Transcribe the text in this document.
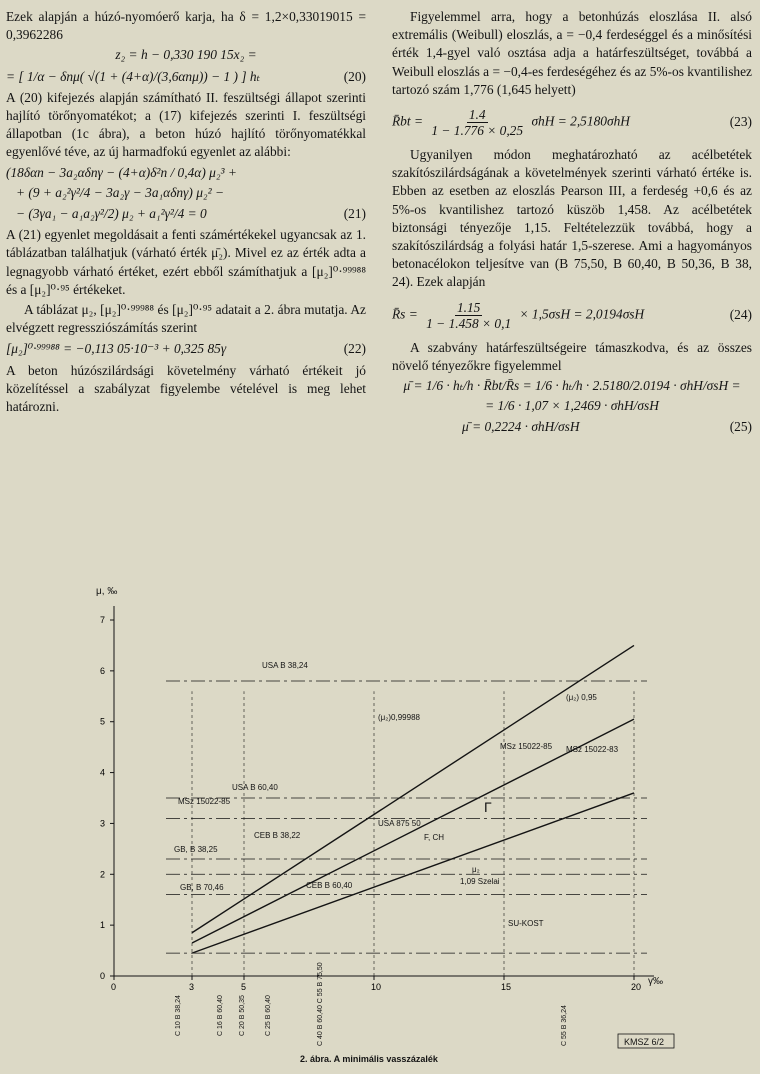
Ezek alapján a húzó-nyomóerő karja, ha δ = 1,2×0,33019015 = 0,3962286

z₂ = h − 0,330 190 15x₂ =
= [ 1/α − δnμ( √(1 + (4+α)/(3,6αnμ)) − 1 ) ] hₜ	(20)

A (20) kifejezés alapján számítható II. feszültségi állapot szerinti hajlító törőnyomatékot; a (17) kifejezés szerinti I. feszültségi állapotban (1c ábra), a beton húzó hajlító törőnyomatékkal egyenlővé téve, az új harmadfokú egyenlet az alábbi:

(18δαn − 3a₂αδnγ − (4+α)δ²n / 0,4α) μ₂³ +
+ (9 + a₂²γ²/4 − 3a₂γ − 3a₁αδnγ) μ₂² −
− (3γa₁ − a₁a₂γ²/2) μ₂ + a₁²γ²/4 = 0	(21)

A (21) egyenlet megoldásait a fenti számértékekel ugyancsak az 1. táblázatban találhatjuk (várható érték μ̄₂). Mivel ez az érték adta a legnagyobb várható értéket, ezért ebből számíthatjuk a [μ₂]⁰·⁹⁹⁹⁸⁸ és a [μ₂]⁰·⁹⁵ értékeket.

A táblázat μ₂, [μ₂]⁰·⁹⁹⁹⁸⁸ és [μ₂]⁰·⁹⁵ adatait a 2. ábra mutatja. Az elvégzett regressziószámítás szerint

[μ₂]⁰·⁹⁹⁹⁸⁸ = −0,113 05·10⁻³ + 0,325 85γ	(22)

A beton húzószilárdsági követelmény várható értékeit jó közelítéssel a szabályzat figyelembe vételével is meg lehet határozni.

Figyelemmel arra, hogy a betonhúzás eloszlása II. alsó extremális (Weibull) eloszlás, a = −0,4 ferdeséggel és a minősítési érték 1,4-gyel való osztása adja a határfeszültséget, továbbá a Weibull eloszlás a = −0,4-es ferdeségéhez és az 5%-os kvantilishez tartozó szám 1,776 (1,645 helyett)

R̄bt = $\frac{1.4}{1 - 1.776 \times 0,25}$ σhH = 2,5180σhH	(23)

Ugyanilyen módon meghatározható az acélbetétek szakítószilárdságának a követelmények szerinti várható értéke is. Ebben az esetben az eloszlás Pearson III, a ferdeség +0,6 és az 5%-os kvantilishez tartozó küszöb 1,458. Az acélbetétek biztonsági tényezője 1,15. Feltételezzük továbbá, hogy a szakítószilárdság a folyási határ 1,5-szerese. Ami a hagyományos betonacélokon teljesítve van (B 75,50, B 60,40, B 50,36, B 38, 24). Ezek alapján

R̄s = $\frac{1.15}{1 - 1.458 \times 0,1} \times 1,5\sigma sH = 2,0194\sigma sH$	(24)

A szabvány határfeszültségeire támaszkodva, és az összes növelő tényezőkre figyelemmel

μ̄ = 1/6 · hₜ/h · R̄bt/R̄s = 1/6 · hₜ/h · 2.5180/2.0194 · σhH/σsH =
= 1/6 · 1,07 × 1,2469 · σhH/σsH
μ̄ = 0,2224 · σhH/σsH	(25)
0
1
2
3
4
5
6
7
0	3	5	10	15	20
μ, ‰
γ‰
USA B 38,24
USA B 60,40
MSz 15022-85
MSz 15022-85 MSz 15022-83
CEB B 38,22
USA 875 50
GB, B 38,25
F, CH
GB, B 70,46	CEB B 60,40
μ₂
1,09 Szelai
SU-KOST
(μ₂)0,99988
(μ₂) 0,95
Γ
C 10 B 38,24	C 16 B 60,40 C 20 B 50,35	C 25 B 60,40	C 40 B 60,40 C 55 B 75,50	C 55 B 36,24	KMSZ 6/2
2. ábra. A minimális vasszázalék
